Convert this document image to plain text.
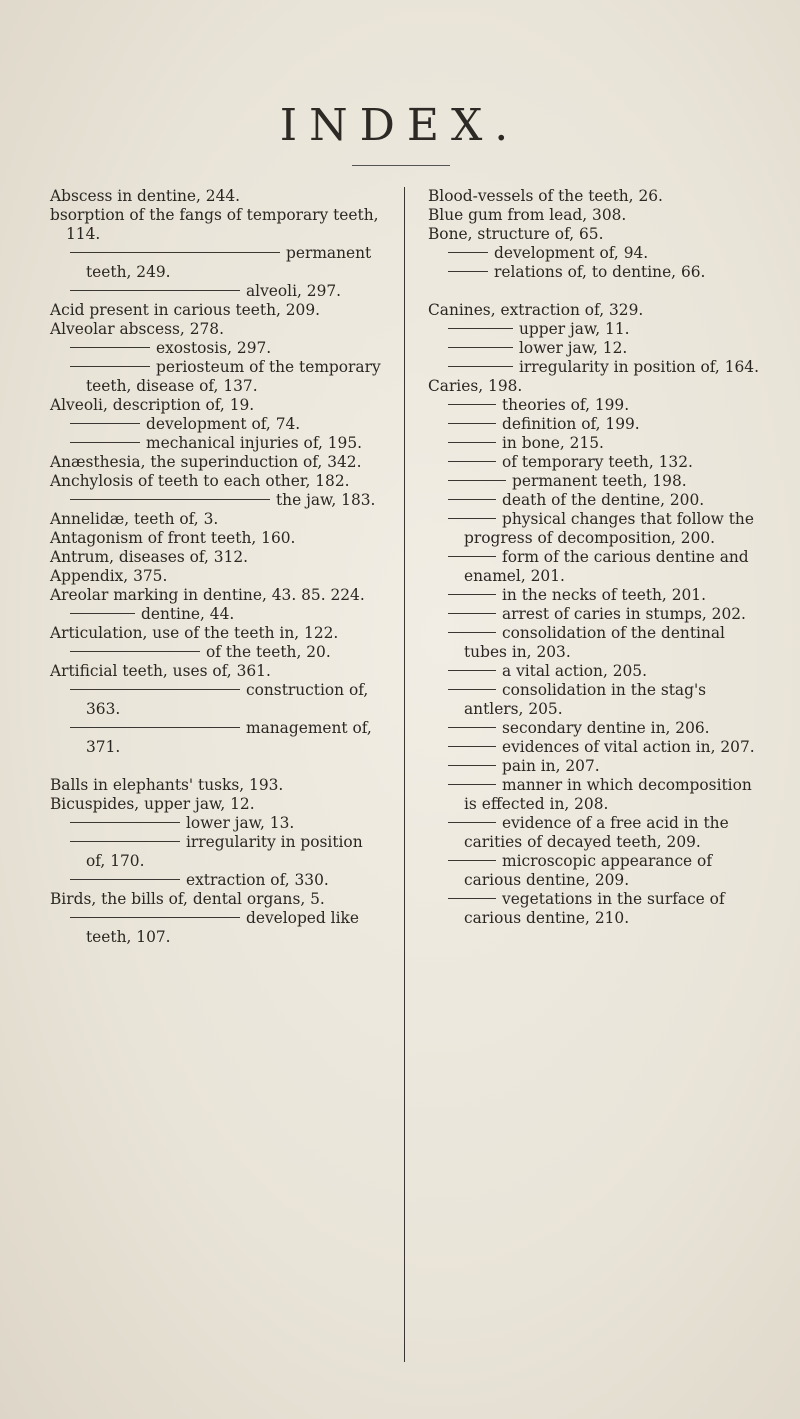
INDEX.
Abscess in dentine, 244.
bsorption of the fangs of temporary teeth, 114.
permanent teeth, 249.
alveoli, 297.
Acid present in carious teeth, 209.
Alveolar abscess, 278.
exostosis, 297.
periosteum of the temporary teeth, disease of, 137.
Alveoli, description of, 19.
development of, 74.
mechanical injuries of, 195.
Anæsthesia, the superinduction of, 342.
Anchylosis of teeth to each other, 182.
the jaw, 183.
Annelidæ, teeth of, 3.
Antagonism of front teeth, 160.
Antrum, diseases of, 312.
Appendix, 375.
Areolar marking in dentine, 43. 85. 224.
dentine, 44.
Articulation, use of the teeth in, 122.
of the teeth, 20.
Artificial teeth, uses of, 361.
construction of, 363.
management of, 371.
Balls in elephants' tusks, 193.
Bicuspides, upper jaw, 12.
lower jaw, 13.
irregularity in position of, 170.
extraction of, 330.
Birds, the bills of, dental organs, 5.
developed like teeth, 107.
Blood-vessels of the teeth, 26.
Blue gum from lead, 308.
Bone, structure of, 65.
development of, 94.
relations of, to dentine, 66.
Canines, extraction of, 329.
upper jaw, 11.
lower jaw, 12.
irregularity in position of, 164.
Caries, 198.
theories of, 199.
definition of, 199.
in bone, 215.
of temporary teeth, 132.
permanent teeth, 198.
death of the dentine, 200.
physical changes that follow the progress of decomposition, 200.
form of the carious dentine and enamel, 201.
in the necks of teeth, 201.
arrest of caries in stumps, 202.
consolidation of the dentinal tubes in, 203.
a vital action, 205.
consolidation in the stag's antlers, 205.
secondary dentine in, 206.
evidences of vital action in, 207.
pain in, 207.
manner in which decomposition is effected in, 208.
evidence of a free acid in the carities of decayed teeth, 209.
microscopic appearance of carious dentine, 209.
vegetations in the surface of carious dentine, 210.
